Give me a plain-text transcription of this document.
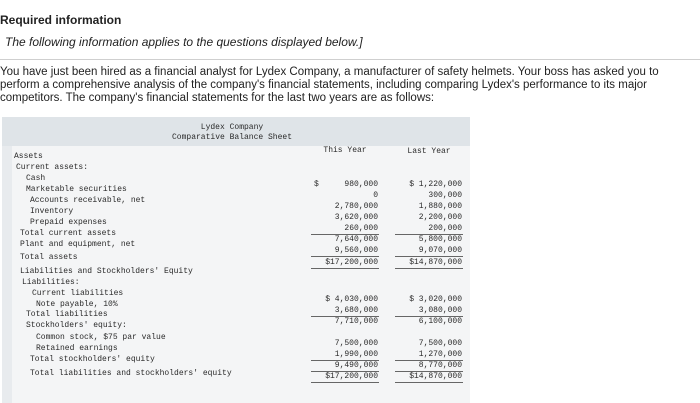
Required information
The following information applies to the questions displayed below.]
You have just been hired as a financial analyst for Lydex Company, a manufacturer of safety helmets. Your boss has asked you to perform a comprehensive analysis of the company's financial statements, including comparing Lydex's performance to its major competitors. The company's financial statements for the last two years are as follows:
Lydex Company
Comparative Balance Sheet
This Year	Last Year
Assets
Current assets:
Cash
Marketable securities
Accounts receivable, net
Inventory
Prepaid expenses
Total current assets
Plant and equipment, net
Total assets
Liabilities and Stockholders' Equity
Liabilities:
Current liabilities
Note payable, 10%
Total liabilities
Stockholders' equity:
Common stock, $75 par value
Retained earnings
Total stockholders' equity
Total liabilities and stockholders' equity
$	980,000
0
2,780,000
3,620,000
260,000
7,640,000
9,560,000
$17,200,000
$ 4,030,000
3,680,000
7,710,000
7,500,000
1,990,000
9,490,000
$17,200,000
$ 1,220,000
300,000
1,880,000
2,200,000
200,000
5,800,000
9,070,000
$14,870,000
$ 3,020,000
3,080,000
6,100,000
7,500,000
1,270,000
8,770,000
$14,870,000
